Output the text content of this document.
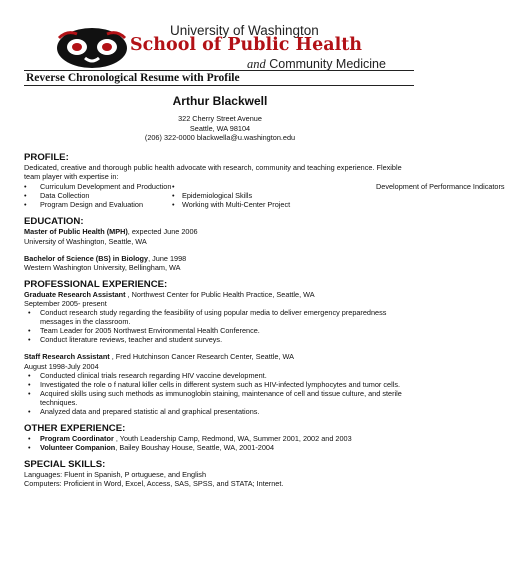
University of Washington
School of Public Health
and Community Medicine
Reverse Chronological Resume with Profile
Arthur Blackwell
322 Cherry Street Avenue
Seattle, WA 98104
(206) 322-0000 blackwella@u.washington.edu
PROFILE:

Dedicated, creative and thorough public health advocate with research, community and teaching experience. Flexible team player with expertise in:

•	Curriculum Development and Production •	Development of Performance Indicators
•	Data Collection	•	Epidemiological Skills
•	Program Design and Evaluation	•	Working with Multi-Center Project
EDUCATION:

Master of Public Health (MPH), expected June 2006

University of Washington, Seattle, WA

Bachelor of Science (BS) in Biology, June 1998

Western Washington University, Bellingham, WA

PROFESSIONAL EXPERIENCE:

Graduate Research Assistant , Northwest Center for Public Health Practice, Seattle, WA

September 2005- present

• Conduct research study regarding the feasibility of using popular media to deliver emergency preparedness messages in the classroom.
• Team Leader for 2005 Northwest Environmental Health Conference.
• Conduct literature reviews, teacher and student surveys.

Staff Research Assistant , Fred Hutchinson Cancer Research Center, Seattle, WA

August 1998-July 2004

• Conducted clinical trials research regarding HIV vaccine development.
• Investigated the role o f natural killer cells in different system such as HIV-infected lymphocytes and tumor cells.
• Acquired skills using such methods as immunoglobin staining, maintenance of cell and tissue culture, and sterile techniques.
• Analyzed data and prepared statistic al and graphical presentations.
OTHER EXPERIENCE:
• Program Coordinator , Youth Leadership Camp, Redmond, WA, Summer 2001, 2002 and 2003
• Volunteer Companion, Bailey Boushay House, Seattle, WA, 2001-2004
SPECIAL SKILLS:

Languages: Fluent in Spanish, P ortuguese, and English

Computers: Proficient in Word, Excel, Access, SAS, SPSS, and STATA; Internet.
